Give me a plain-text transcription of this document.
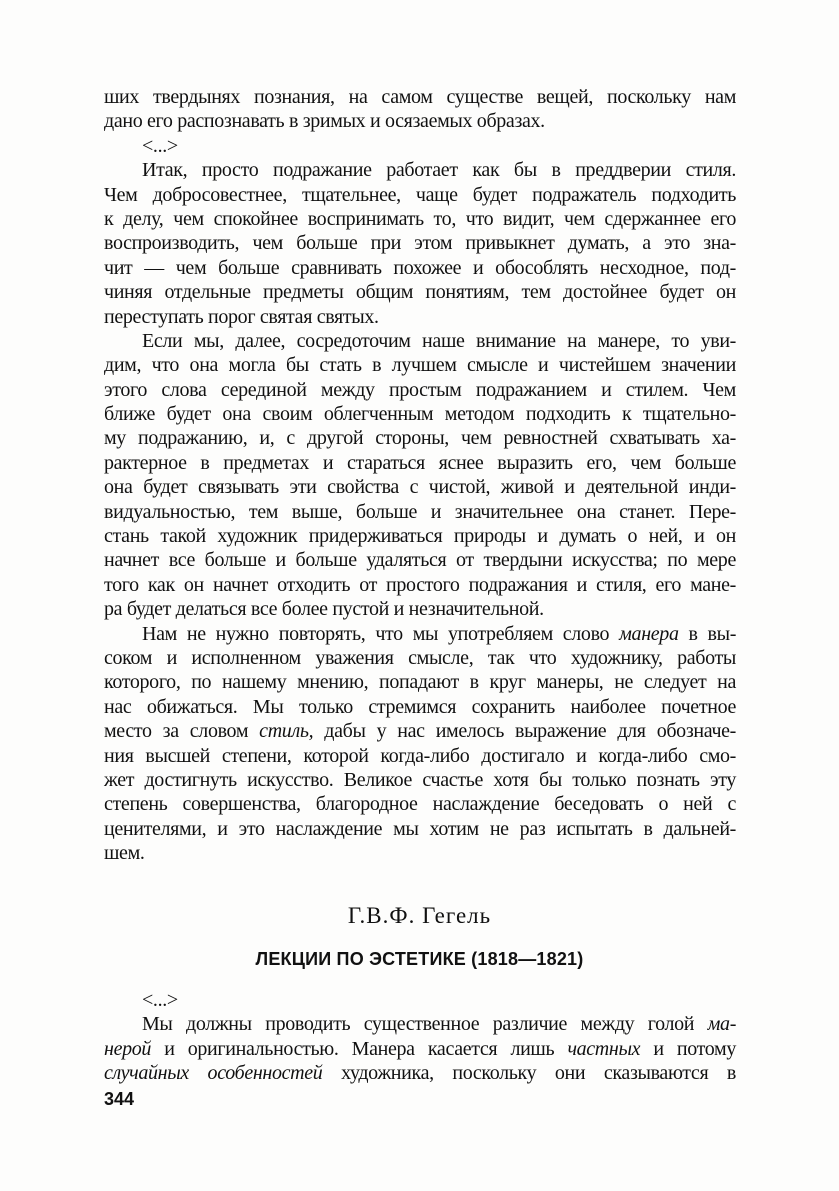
ших твердынях познания, на самом существе вещей, поскольку нам
дано его распознавать в зримых и осязаемых образах.
<...>
Итак, просто подражание работает как бы в преддверии стиля.
Чем добросовестнее, тщательнее, чаще будет подражатель подходить
к делу, чем спокойнее воспринимать то, что видит, чем сдержаннее его
воспроизводить, чем больше при этом привыкнет думать, а это зна-
чит — чем больше сравнивать похожее и обособлять несходное, под-
чиняя отдельные предметы общим понятиям, тем достойнее будет он
переступать порог святая святых.
Если мы, далее, сосредоточим наше внимание на манере, то уви-
дим, что она могла бы стать в лучшем смысле и чистейшем значении
этого слова серединой между простым подражанием и стилем. Чем
ближе будет она своим облегченным методом подходить к тщательно-
му подражанию, и, с другой стороны, чем ревностней схватывать ха-
рактерное в предметах и стараться яснее выразить его, чем больше
она будет связывать эти свойства с чистой, живой и деятельной инди-
видуальностью, тем выше, больше и значительнее она станет. Пере-
стань такой художник придерживаться природы и думать о ней, и он
начнет все больше и больше удаляться от твердыни искусства; по мере
того как он начнет отходить от простого подражания и стиля, его мане-
ра будет делаться все более пустой и незначительной.
Нам не нужно повторять, что мы употребляем слово манера в вы-
соком и исполненном уважения смысле, так что художнику, работы
которого, по нашему мнению, попадают в круг манеры, не следует на
нас обижаться. Мы только стремимся сохранить наиболее почетное
место за словом стиль, дабы у нас имелось выражение для обозначе-
ния высшей степени, которой когда-либо достигало и когда-либо смо-
жет достигнуть искусство. Великое счастье хотя бы только познать эту
степень совершенства, благородное наслаждение беседовать о ней с
ценителями, и это наслаждение мы хотим не раз испытать в дальней-
шем.
Г.В.Ф. Гегель
ЛЕКЦИИ ПО ЭСТЕТИКЕ (1818—1821)
<...>
Мы должны проводить существенное различие между голой ма-
нерой и оригинальностью. Манера касается лишь частных и потому
случайных особенностей художника, поскольку они сказываются в
344
